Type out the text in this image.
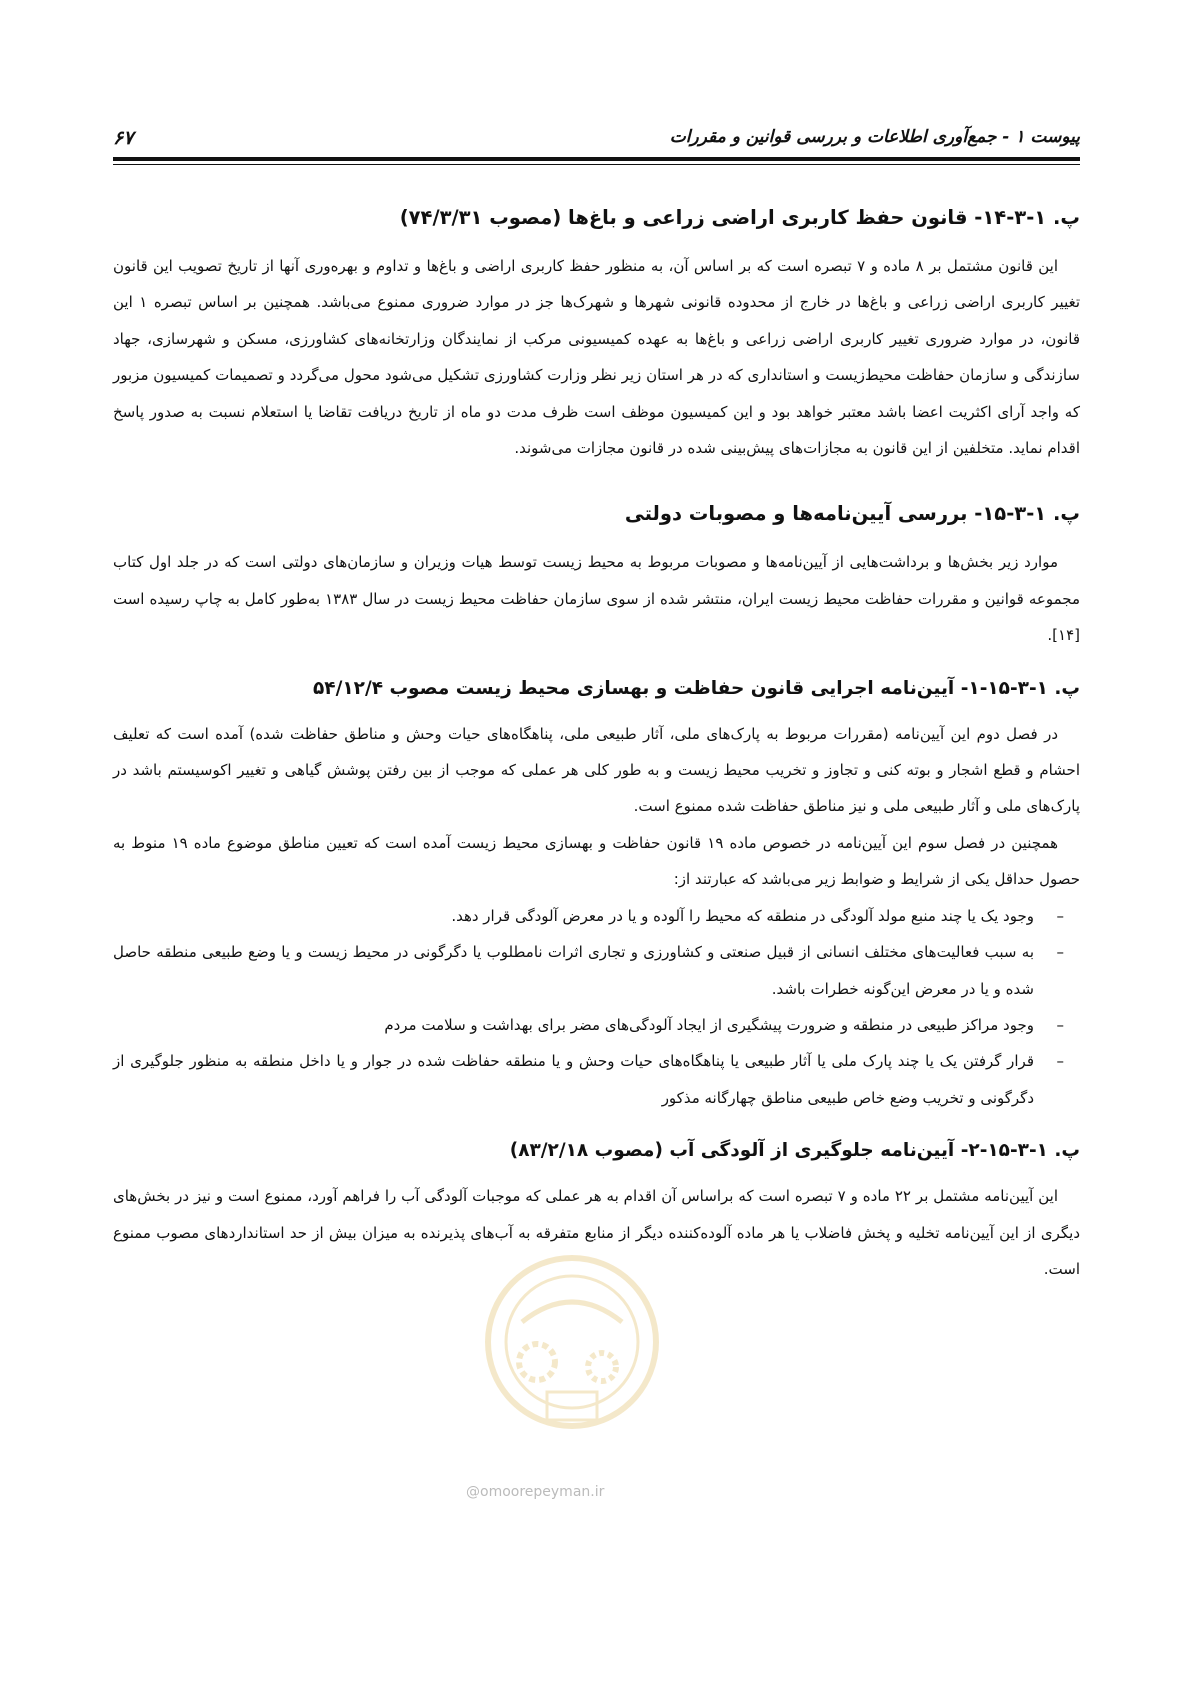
پیوست ۱ - جمع‌آوری اطلاعات و بررسی قوانین و مقررات
۶۷
پ. ۱-۳-۱۴- قانون حفظ کاربری اراضی زراعی و باغ‌ها (مصوب ۷۴/۳/۳۱)

این قانون مشتمل بر ۸ ماده و ۷ تبصره است که بر اساس آن، به منظور حفظ کاربری اراضی و باغ‌ها و تداوم و بهره‌وری آنها از تاریخ تصویب این قانون تغییر کاربری اراضی زراعی و باغ‌ها در خارج از محدوده قانونی شهرها و شهرک‌ها جز در موارد ضروری ممنوع می‌باشد. همچنین بر اساس تبصره ۱ این قانون، در موارد ضروری تغییر کاربری اراضی زراعی و باغ‌ها به عهده کمیسیونی مرکب از نمایندگان وزارتخانه‌های کشاورزی، مسکن و شهرسازی، جهاد سازندگی و سازمان حفاظت محیط‌زیست و استانداری که در هر استان زیر نظر وزارت کشاورزی تشکیل می‌شود محول می‌گردد و تصمیمات کمیسیون مزبور که واجد آرای اکثریت اعضا باشد معتبر خواهد بود و این کمیسیون موظف است ظرف مدت دو ماه از تاریخ دریافت تقاضا یا استعلام نسبت به صدور پاسخ اقدام نماید. متخلفین از این قانون به مجازات‌های پیش‌بینی شده در قانون مجازات می‌شوند.

پ. ۱-۳-۱۵- بررسی آیین‌نامه‌ها و مصوبات دولتی

موارد زیر بخش‌ها و برداشت‌هایی از آیین‌نامه‌ها و مصوبات مربوط به محیط زیست توسط هیات وزیران و سازمان‌های دولتی است که در جلد اول کتاب مجموعه قوانین و مقررات حفاظت محیط زیست ایران، منتشر شده از سوی سازمان حفاظت محیط زیست در سال ۱۳۸۳ به‌طور کامل به چاپ رسیده است [۱۴].

پ. ۱-۳-۱۵-۱- آیین‌نامه اجرایی قانون حفاظت و بهسازی محیط زیست مصوب ۵۴/۱۲/۴

در فصل دوم این آیین‌نامه (مقررات مربوط به پارک‌های ملی، آثار طبیعی ملی، پناهگاه‌های حیات وحش و مناطق حفاظت شده) آمده است که تعلیف احشام و قطع اشجار و بوته کنی و تجاوز و تخریب محیط زیست و به طور کلی هر عملی که موجب از بین رفتن پوشش گیاهی و تغییر اکوسیستم باشد در پارک‌های ملی و آثار طبیعی ملی و نیز مناطق حفاظت شده ممنوع است.

همچنین در فصل سوم این آیین‌نامه در خصوص ماده ۱۹ قانون حفاظت و بهسازی محیط زیست آمده است که تعیین مناطق موضوع ماده ۱۹ منوط به حصول حداقل یکی از شرایط و ضوابط زیر می‌باشد که عبارتند از:

–
وجود یک یا چند منبع مولد آلودگی در منطقه که محیط را آلوده و یا در معرض آلودگی قرار دهد.
–
به سبب فعالیت‌های مختلف انسانی از قبیل صنعتی و کشاورزی و تجاری اثرات نامطلوب یا دگرگونی در محیط زیست و یا وضع طبیعی منطقه حاصل شده و یا در معرض این‌گونه خطرات باشد.
–
وجود مراکز طبیعی در منطقه و ضرورت پیشگیری از ایجاد آلودگی‌های مضر برای بهداشت و سلامت مردم
–
قرار گرفتن یک یا چند پارک ملی یا آثار طبیعی یا پناهگاه‌های حیات وحش و یا منطقه حفاظت شده در جوار و یا داخل منطقه به منظور جلوگیری از دگرگونی و تخریب وضع خاص طبیعی مناطق چهارگانه مذکور
پ. ۱-۳-۱۵-۲- آیین‌نامه جلوگیری از آلودگی آب (مصوب ۸۳/۲/۱۸)

این آیین‌نامه مشتمل بر ۲۲ ماده و ۷ تبصره است که براساس آن اقدام به هر عملی که موجبات آلودگی آب را فراهم آورد، ممنوع است و نیز در بخش‌های دیگری از این آیین‌نامه تخلیه و پخش فاضلاب یا هر ماده آلوده‌کننده دیگر از منابع متفرقه به آب‌های پذیرنده به میزان بیش از حد استانداردهای مصوب ممنوع است.

@omoorepeyman.ir
